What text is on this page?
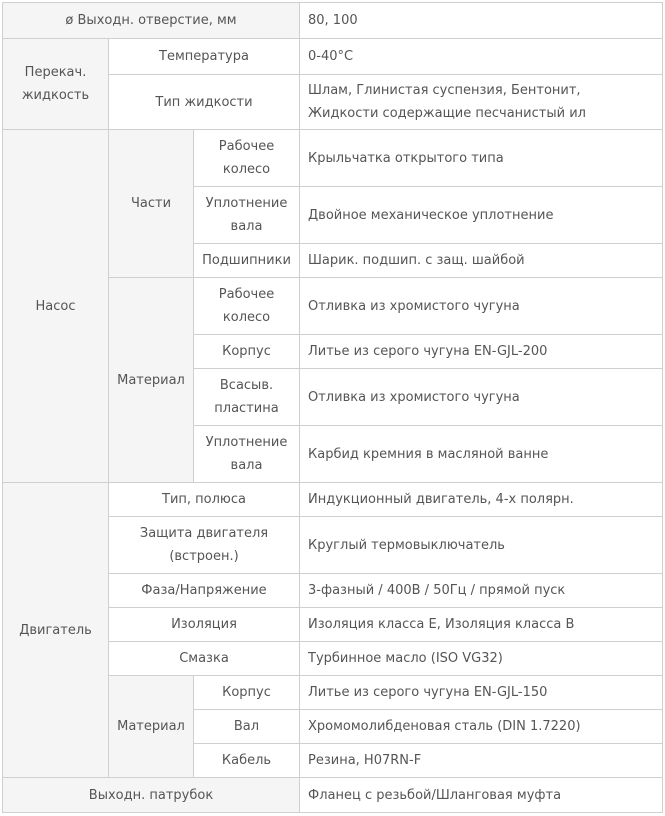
ø Выходн. отверстие, мм			80, 100
Перекач. жидкость	Температура		0-40°C
	Тип жидкости		Шлам, Глинистая суспензия, Бентонит, Жидкости содержащие песчанистый ил
Насос	Части	Рабочее колесо	Крыльчатка открытого типа
		Уплотнение вала	Двойное механическое уплотнение
		Подшипники	Шарик. подшип. с защ. шайбой
	Материал	Рабочее колесо	Отливка из хромистого чугуна
		Корпус	Литье из серого чугуна EN-GJL-200
		Всасыв. пластина	Отливка из хромистого чугуна
		Уплотнение вала	Карбид кремния в масляной ванне
Двигатель	Тип, полюса		Индукционный двигатель, 4-х полярн.
	Защита двигателя (встроен.)		Круглый термовыключатель
	Фаза/Напряжение		3-фазный / 400В / 50Гц / прямой пуск
	Изоляция		Изоляция класса E, Изоляция класса B
	Смазка		Турбинное масло (ISO VG32)
	Материал	Корпус	Литье из серого чугуна EN-GJL-150
		Вал	Хромомолибденовая сталь (DIN 1.7220)
		Кабель	Резина, H07RN-F
Выходн. патрубок			Фланец с резьбой/Шланговая муфта
